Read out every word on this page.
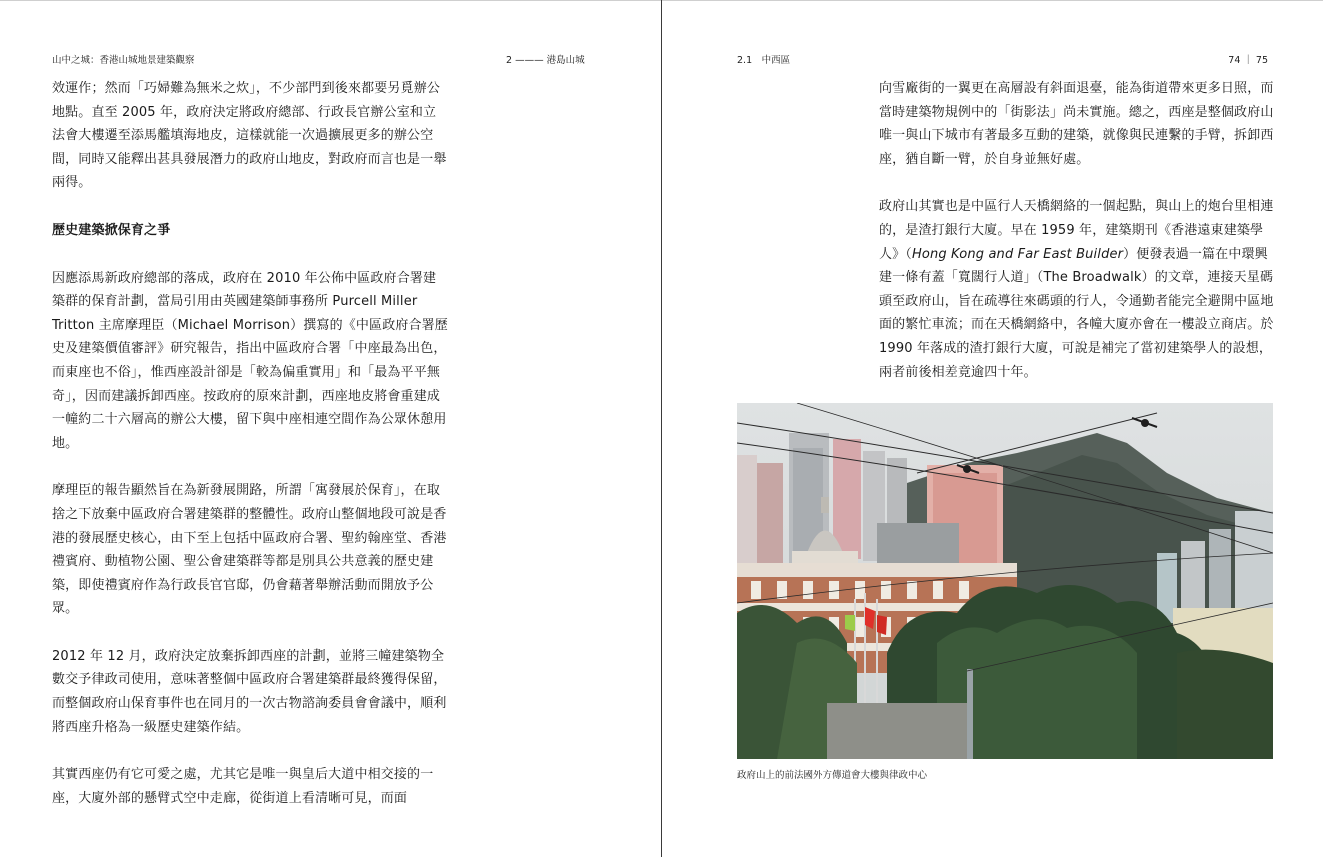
山中之城：香港山城地景建築觀察	2 ——— 港島山城

效運作；然而「巧婦難為無米之炊」，不少部門到後來都要另覓辦公地點。直至 2005 年，政府決定將政府總部、行政長官辦公室和立法會大樓遷至添馬艦填海地皮，這樣就能一次過擴展更多的辦公空間，同時又能釋出甚具發展潛力的政府山地皮，對政府而言也是一舉兩得。

歷史建築掀保育之爭

因應添馬新政府總部的落成，政府在 2010 年公佈中區政府合署建築群的保育計劃，當局引用由英國建築師事務所 Purcell Miller Tritton 主席摩理臣（Michael Morrison）撰寫的《中區政府合署歷史及建築價值審評》研究報告，指出中區政府合署「中座最為出色，而東座也不俗」，惟西座設計卻是「較為偏重實用」和「最為平平無奇」，因而建議拆卸西座。按政府的原來計劃，西座地皮將會重建成一幢約二十六層高的辦公大樓，留下與中座相連空間作為公眾休憩用地。

摩理臣的報告顯然旨在為新發展開路，所謂「寓發展於保育」，在取捨之下放棄中區政府合署建築群的整體性。政府山整個地段可說是香港的發展歷史核心，由下至上包括中區政府合署、聖約翰座堂、香港禮賓府、動植物公園、聖公會建築群等都是別具公共意義的歷史建築，即使禮賓府作為行政長官官邸，仍會藉著舉辦活動而開放予公眾。

2012 年 12 月，政府決定放棄拆卸西座的計劃，並將三幢建築物全數交予律政司使用，意味著整個中區政府合署建築群最終獲得保留，而整個政府山保育事件也在同月的一次古物諮詢委員會會議中，順利將西座升格為一級歷史建築作結。

其實西座仍有它可愛之處，尤其它是唯一與皇后大道中相交接的一座，大廈外部的懸臂式空中走廊，從街道上看清晰可見，而面

2.1　中西區	74 ｜ 75

向雪廠街的一翼更在高層設有斜面退臺，能為街道帶來更多日照，而當時建築物規例中的「街影法」尚未實施。總之，西座是整個政府山唯一與山下城市有著最多互動的建築，就像與民連繫的手臂，拆卸西座，猶自斷一臂，於自身並無好處。

政府山其實也是中區行人天橋網絡的一個起點，與山上的炮台里相連的，是渣打銀行大廈。早在 1959 年，建築期刊《香港遠東建築學人》（Hong Kong and Far East Builder）便發表過一篇在中環興建一條有蓋「寬闊行人道」（The Broadwalk）的文章，連接天星碼頭至政府山，旨在疏導往來碼頭的行人，令通勤者能完全避開中區地面的繁忙車流；而在天橋網絡中，各幢大廈亦會在一樓設立商店。於 1990 年落成的渣打銀行大廈，可說是補完了當初建築學人的設想，兩者前後相差竟逾四十年。

政府山上的前法國外方傳道會大樓與律政中心
